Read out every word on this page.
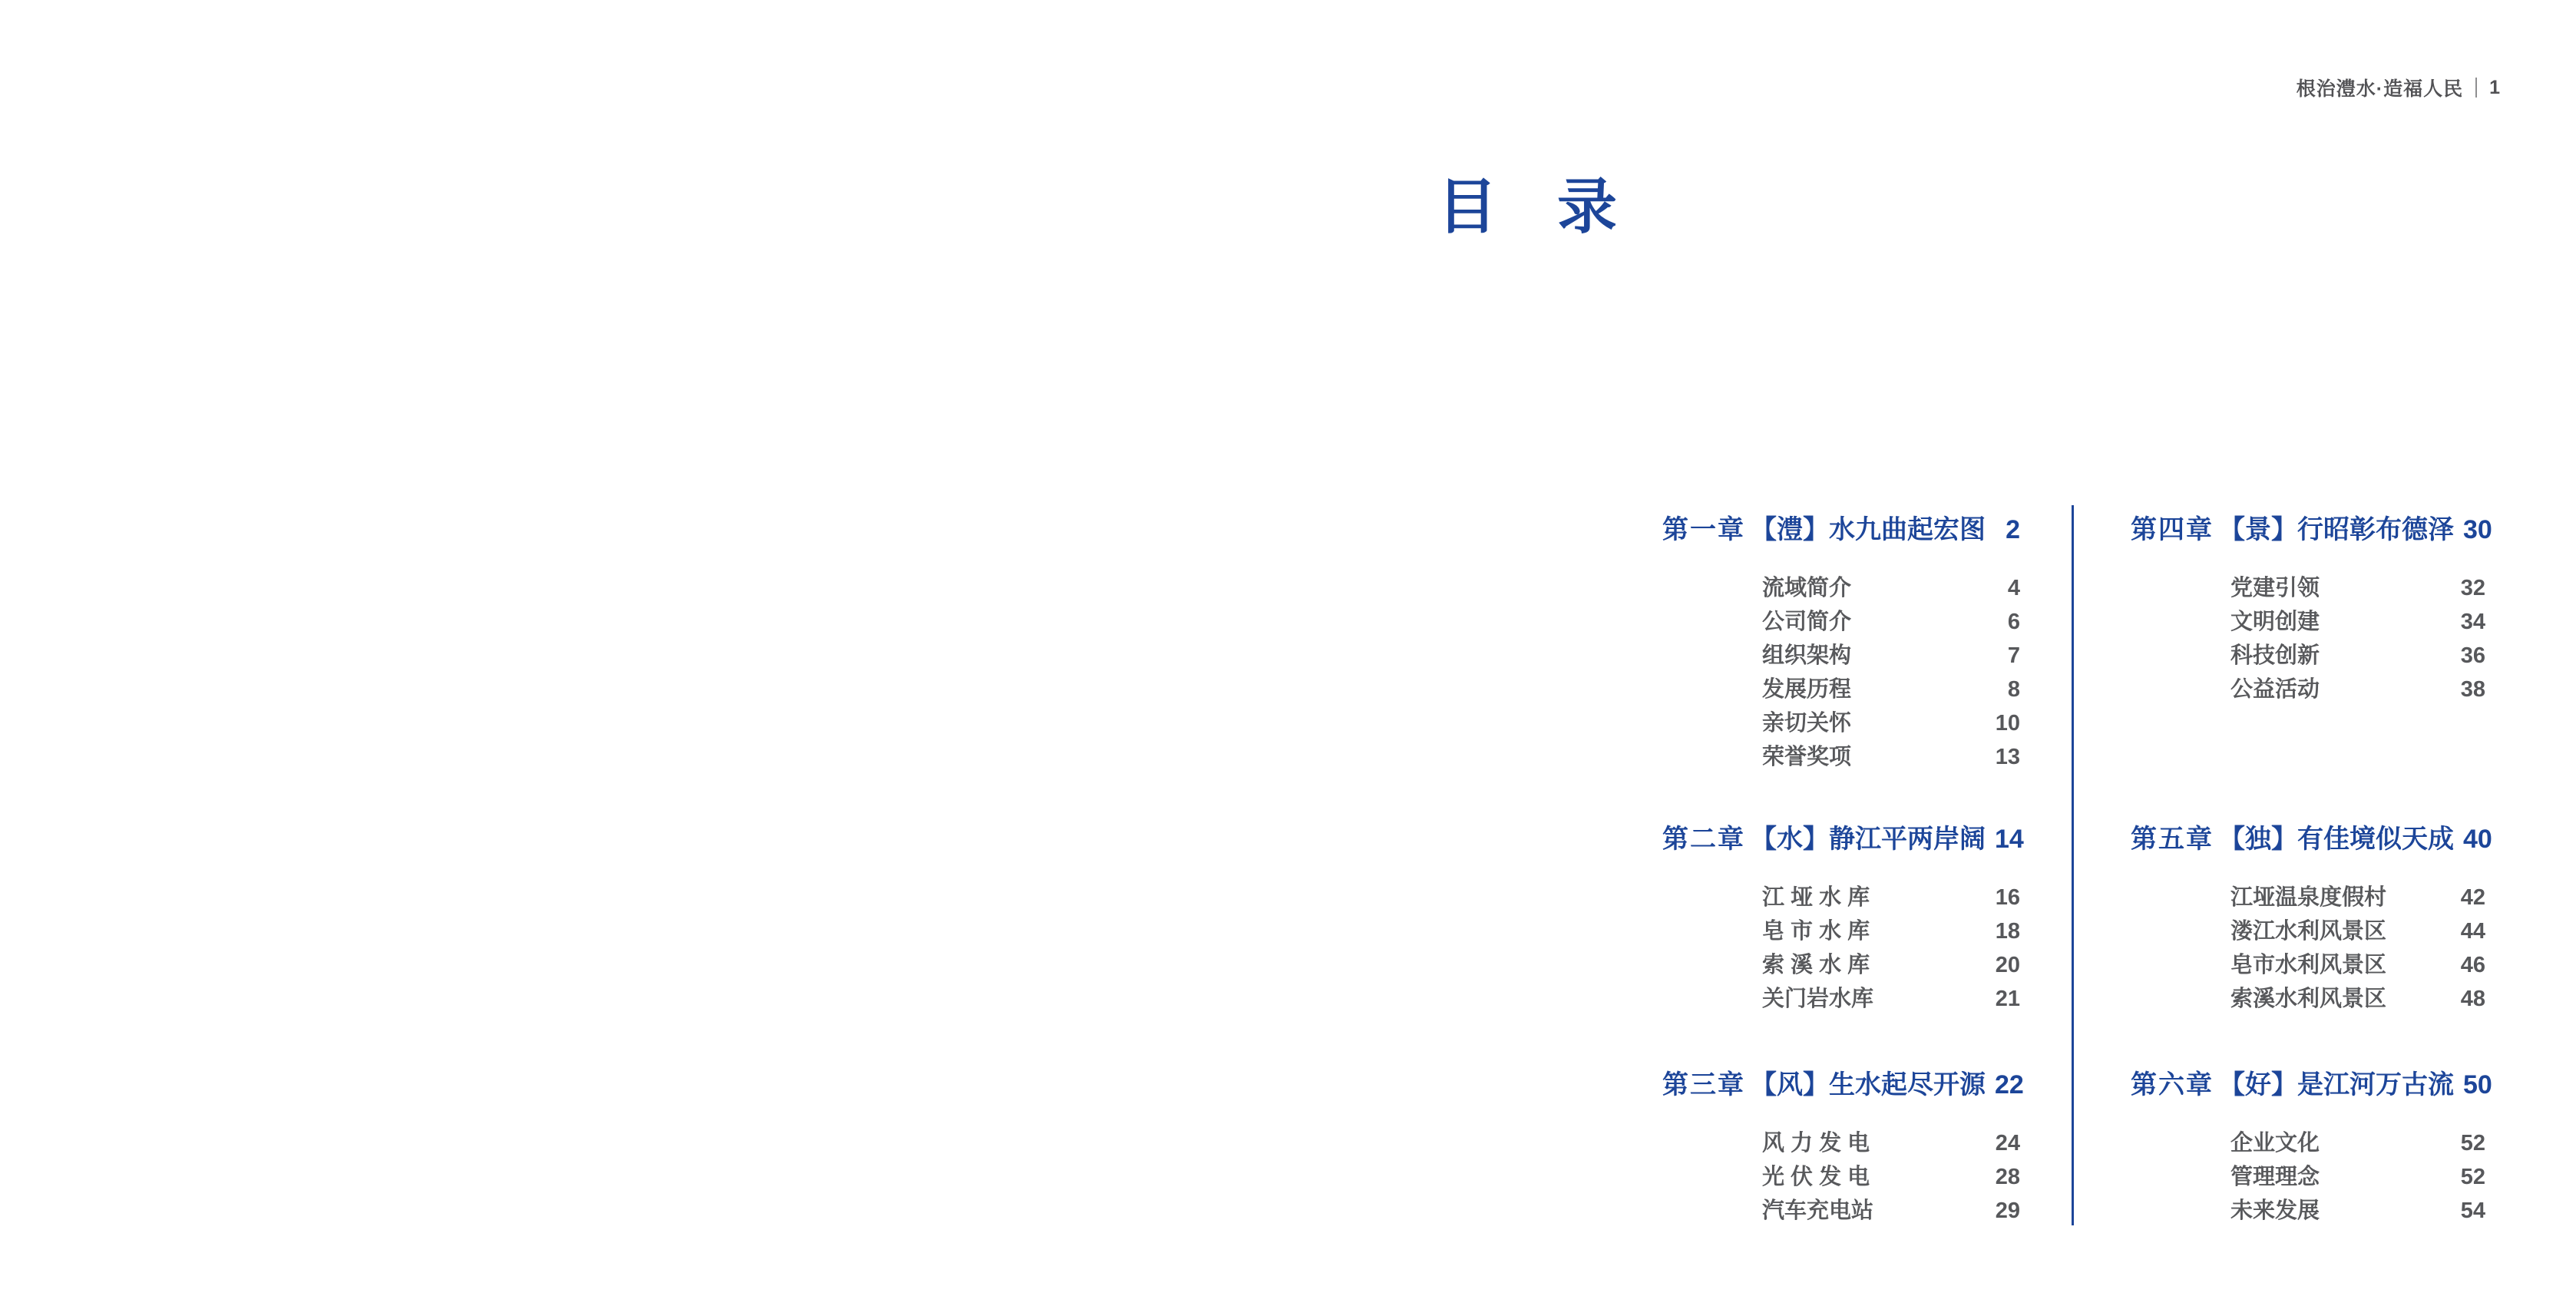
根治澧水·造福人民 1
目　录
第一章 【澧】水九曲起宏图 2
流域简介	4
公司简介	6
组织架构	7
发展历程	8
亲切关怀	10
荣誉奖项	13
第二章 【水】静江平两岸阔 14
江 垭 水 库	16
皂 市 水 库	18
索 溪 水 库	20
关门岩水库	21
第三章 【风】生水起尽开源 22
风 力 发 电	24
光 伏 发 电	28
汽车充电站	29
第四章 【景】行昭彰布德泽 30
党建引领	32
文明创建	34
科技创新	36
公益活动	38
第五章 【独】有佳境似天成 40
江垭温泉度假村	42
溇江水利风景区	44
皂市水利风景区	46
索溪水利风景区	48
第六章 【好】是江河万古流 50
企业文化	52
管理理念	52
未来发展	54
